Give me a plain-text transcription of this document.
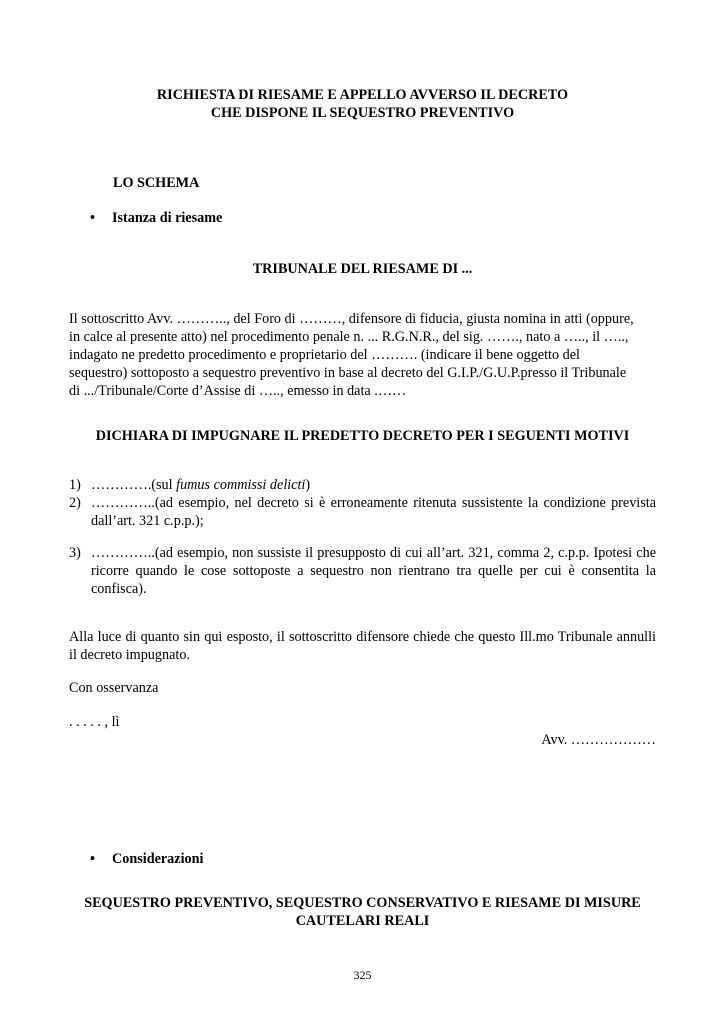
RICHIESTA DI RIESAME E APPELLO AVVERSO IL DECRETO
CHE DISPONE IL SEQUESTRO PREVENTIVO
LO SCHEMA
• Istanza di riesame
TRIBUNALE DEL RIESAME DI ...
Il sottoscritto Avv. ……….., del Foro di ………, difensore di fiducia, giusta nomina in atti (oppure,
in calce al presente atto) nel procedimento penale n. ... R.G.N.R., del sig. ……., nato a ….., il …..,
indagato ne predetto procedimento e proprietario del ………. (indicare il bene oggetto del
sequestro) sottoposto a sequestro preventivo in base al decreto del G.I.P./G.U.P.presso il Tribunale
di .../Tribunale/Corte d’Assise di ….., emesso in data .……
DICHIARA DI IMPUGNARE IL PREDETTO DECRETO PER I SEGUENTI MOTIVI
1) ………….(sul fumus commissi delicti)
2) …………..(ad esempio, nel decreto si è erroneamente ritenuta sussistente la condizione prevista dall’art. 321 c.p.p.);
3) …………..(ad esempio, non sussiste il presupposto di cui all’art. 321, comma 2, c.p.p. Ipotesi che ricorre quando le cose sottoposte a sequestro non rientrano tra quelle per cui è consentita la confisca).
Alla luce di quanto sin qui esposto, il sottoscritto difensore chiede che questo Ill.mo Tribunale annulli il decreto impugnato.
Con osservanza
. . . . . , lì
Avv. ………………
• Considerazioni
SEQUESTRO PREVENTIVO, SEQUESTRO CONSERVATIVO E RIESAME DI MISURE
CAUTELARI REALI
325
